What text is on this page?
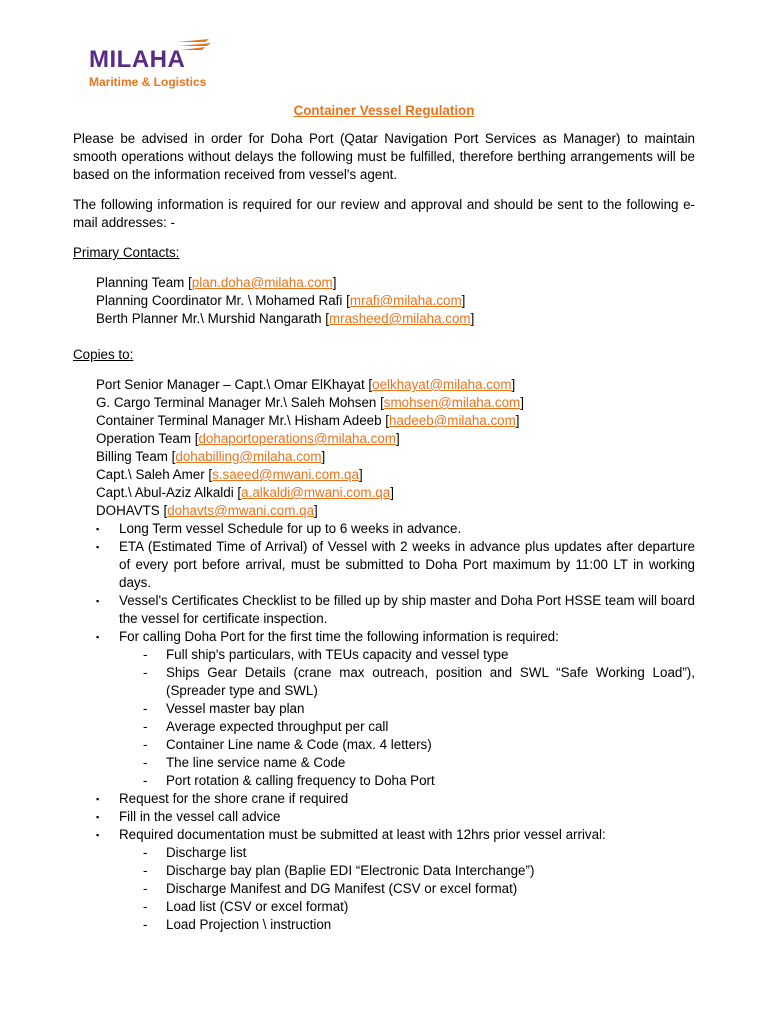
MILAHA
Maritime & Logistics

Container Vessel Regulation

Please be advised in order for Doha Port (Qatar Navigation Port Services as Manager) to maintain smooth operations without delays the following must be fulfilled, therefore berthing arrangements will be based on the information received from vessel's agent.

The following information is required for our review and approval and should be sent to the following e-mail addresses: -

Primary Contacts:

Planning Team [plan.doha@milaha.com]
Planning Coordinator Mr. \ Mohamed Rafi [mrafi@milaha.com]
Berth Planner Mr.\ Murshid Nangarath [mrasheed@milaha.com]

Copies to:

Port Senior Manager – Capt.\ Omar ElKhayat [oelkhayat@milaha.com]
G. Cargo Terminal Manager Mr.\ Saleh Mohsen [smohsen@milaha.com]
Container Terminal Manager Mr.\ Hisham Adeeb [hadeeb@milaha.com]
Operation Team [dohaportoperations@milaha.com]
Billing Team [dohabilling@milaha.com]
Capt.\ Saleh Amer [s.saeed@mwani.com.qa]
Capt.\ Abul-Aziz Alkaldi [a.alkaldi@mwani.com.qa]
DOHAVTS [dohavts@mwani.com.qa]
▪ Long Term vessel Schedule for up to 6 weeks in advance.
▪ ETA (Estimated Time of Arrival) of Vessel with 2 weeks in advance plus updates after departure of every port before arrival, must be submitted to Doha Port maximum by 11:00 LT in working days.
▪ Vessel's Certificates Checklist to be filled up by ship master and Doha Port HSSE team will board the vessel for certificate inspection.
▪ For calling Doha Port for the first time the following information is required:
- Full ship's particulars, with TEUs capacity and vessel type
- Ships Gear Details (crane max outreach, position and SWL “Safe Working Load”), (Spreader type and SWL)
- Vessel master bay plan
- Average expected throughput per call
- Container Line name & Code (max. 4 letters)
- The line service name & Code
- Port rotation & calling frequency to Doha Port
▪ Request for the shore crane if required
▪ Fill in the vessel call advice
▪ Required documentation must be submitted at least with 12hrs prior vessel arrival:
- Discharge list
- Discharge bay plan (Baplie EDI “Electronic Data Interchange”)
- Discharge Manifest and DG Manifest (CSV or excel format)
- Load list (CSV or excel format)
- Load Projection \ instruction
